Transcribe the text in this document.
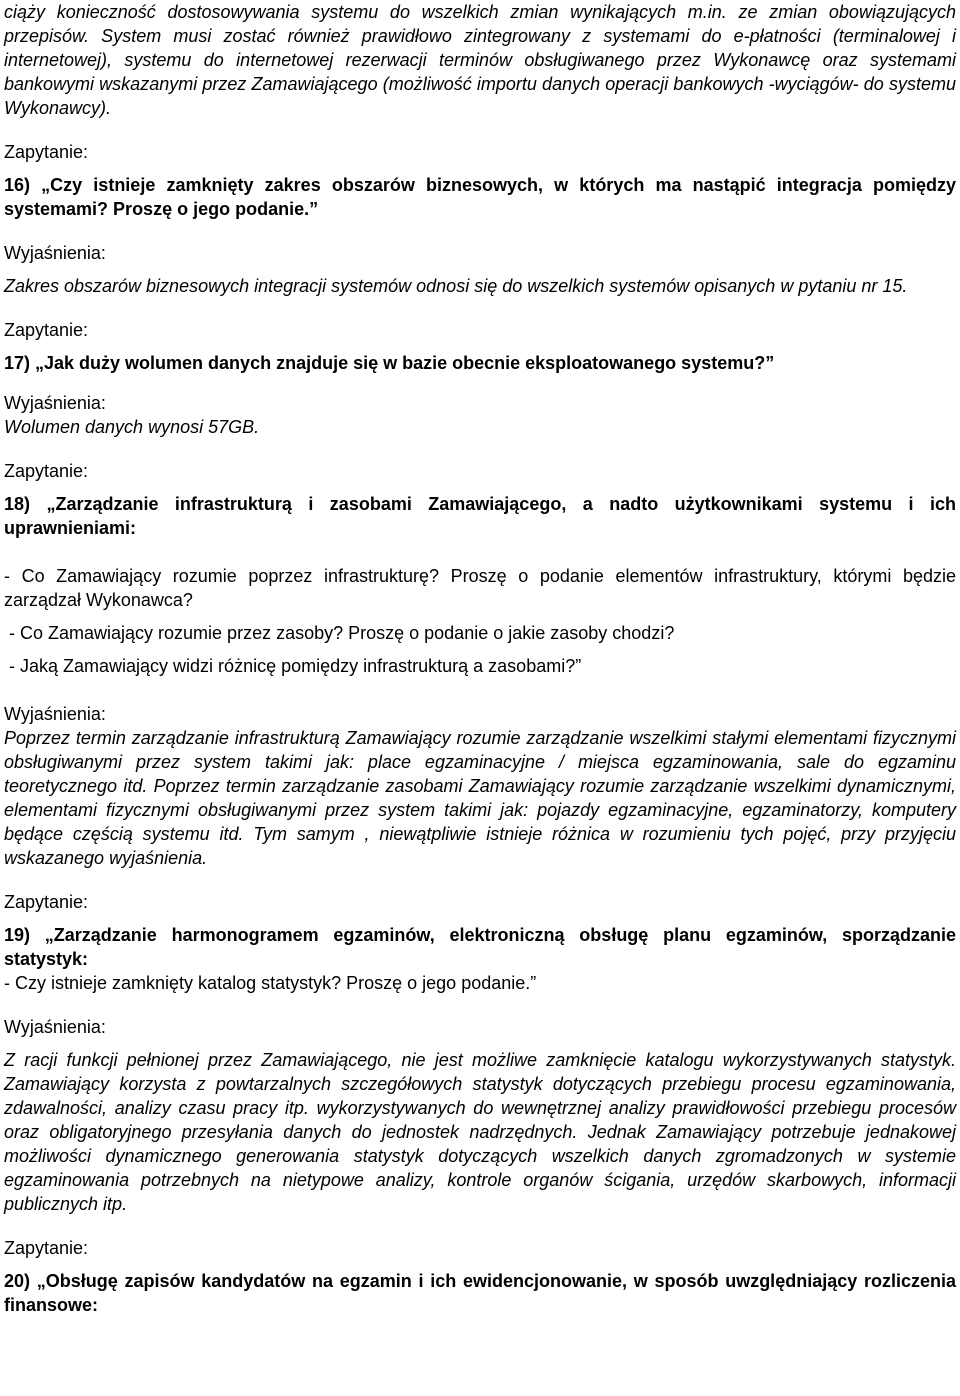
ciąży konieczność dostosowywania systemu do wszelkich zmian wynikających m.in. ze zmian obowiązujących przepisów. System musi zostać również prawidłowo zintegrowany z systemami do e-płatności (terminalowej i internetowej), systemu do internetowej rezerwacji terminów obsługiwanego przez Wykonawcę oraz systemami bankowymi wskazanymi przez Zamawiającego (możliwość importu danych operacji bankowych -wyciągów- do systemu Wykonawcy).

Zapytanie:

16) „Czy istnieje zamknięty zakres obszarów biznesowych, w których ma nastąpić integracja pomiędzy systemami? Proszę o jego podanie.”

Wyjaśnienia:

Zakres obszarów biznesowych integracji systemów odnosi się do wszelkich systemów opisanych w pytaniu nr 15.

Zapytanie:

17) „Jak duży wolumen danych znajduje się w bazie obecnie eksploatowanego systemu?”

Wyjaśnienia:

Wolumen danych wynosi 57GB.

Zapytanie:

18) „Zarządzanie infrastrukturą i zasobami Zamawiającego, a nadto użytkownikami systemu i ich uprawnieniami:

- Co Zamawiający rozumie poprzez infrastrukturę? Proszę o podanie elementów infrastruktury, którymi będzie zarządzał Wykonawca?

- Co Zamawiający rozumie przez zasoby? Proszę o podanie o jakie zasoby chodzi?

- Jaką Zamawiający widzi różnicę pomiędzy infrastrukturą a zasobami?”

Wyjaśnienia:

Poprzez termin zarządzanie infrastrukturą Zamawiający rozumie zarządzanie wszelkimi stałymi elementami fizycznymi obsługiwanymi przez system takimi jak: place egzaminacyjne / miejsca egzaminowania, sale do egzaminu teoretycznego itd. Poprzez termin zarządzanie zasobami Zamawiający rozumie zarządzanie wszelkimi dynamicznymi, elementami fizycznymi obsługiwanymi przez system takimi jak: pojazdy egzaminacyjne, egzaminatorzy, komputery będące częścią systemu itd. Tym samym , niewątpliwie istnieje różnica w rozumieniu tych pojęć, przy przyjęciu wskazanego wyjaśnienia.

Zapytanie:

19) „Zarządzanie harmonogramem egzaminów, elektroniczną obsługę planu egzaminów, sporządzanie statystyk:

- Czy istnieje zamknięty katalog statystyk? Proszę o jego podanie.”

Wyjaśnienia:

Z racji funkcji pełnionej przez Zamawiającego, nie jest możliwe zamknięcie katalogu wykorzystywanych statystyk. Zamawiający korzysta z powtarzalnych szczegółowych statystyk dotyczących przebiegu procesu egzaminowania, zdawalności, analizy czasu pracy itp. wykorzystywanych do wewnętrznej analizy prawidłowości przebiegu procesów oraz obligatoryjnego przesyłania danych do jednostek nadrzędnych. Jednak Zamawiający potrzebuje jednakowej możliwości dynamicznego generowania statystyk dotyczących wszelkich danych zgromadzonych w systemie egzaminowania potrzebnych na nietypowe analizy, kontrole organów ścigania, urzędów skarbowych, informacji publicznych itp.

Zapytanie:

20) „Obsługę zapisów kandydatów na egzamin i ich ewidencjonowanie, w sposób uwzględniający rozliczenia finansowe:
